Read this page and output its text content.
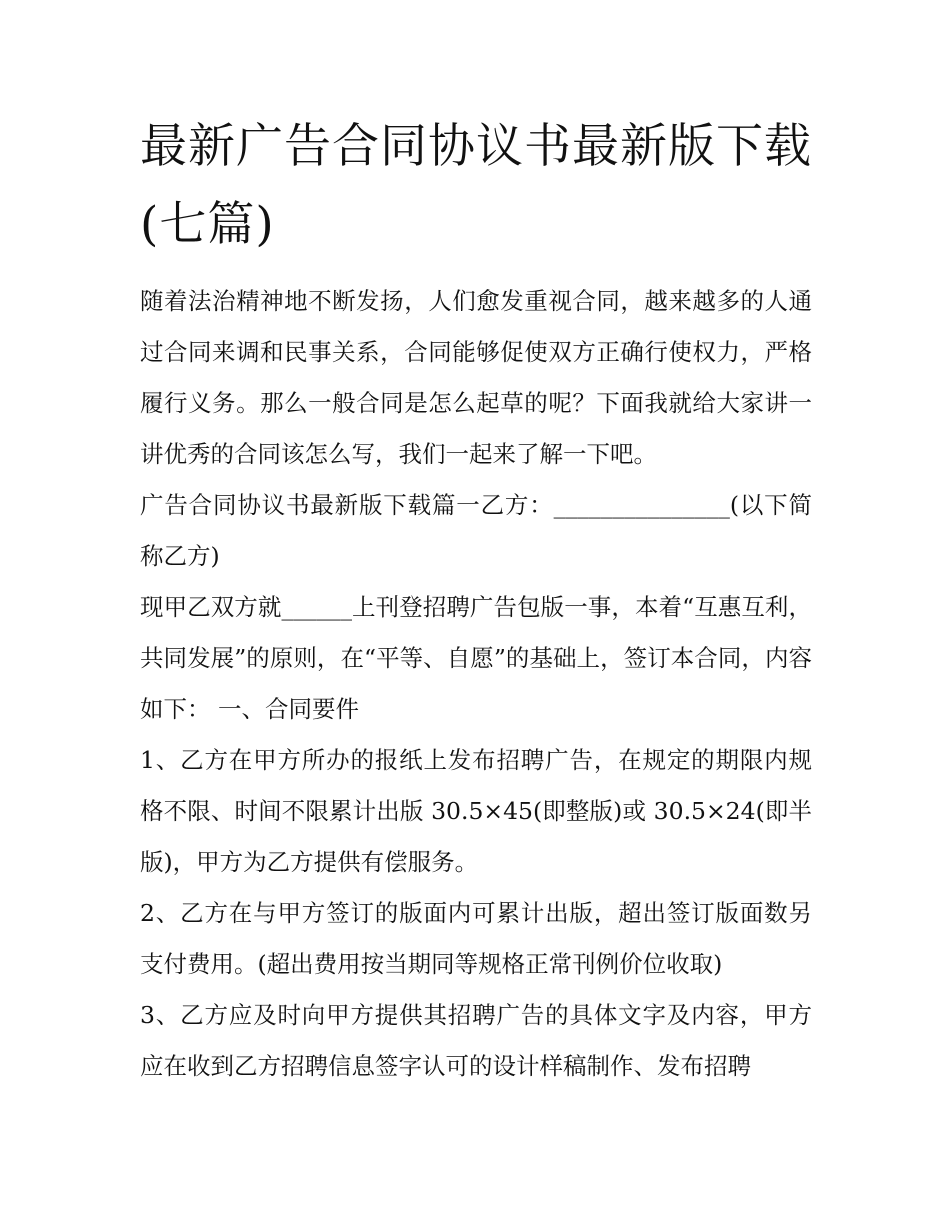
最新广告合同协议书最新版下载(七篇)

随着法治精神地不断发扬，人们愈发重视合同，越来越多的人通过合同来调和民事关系，合同能够促使双方正确行使权力，严格履行义务。那么一般合同是怎么起草的呢？下面我就给大家讲一讲优秀的合同该怎么写，我们一起来了解一下吧。

广告合同协议书最新版下载篇一乙方：_______________(以下简称乙方)

现甲乙双方就______上刊登招聘广告包版一事，本着“互惠互利，共同发展”的原则，在“平等、自愿”的基础上，签订本合同，内容如下： 一、合同要件

1、乙方在甲方所办的报纸上发布招聘广告，在规定的期限内规格不限、时间不限累计出版 30.5×45(即整版)或 30.5×24(即半版)，甲方为乙方提供有偿服务。

2、乙方在与甲方签订的版面内可累计出版，超出签订版面数另支付费用。(超出费用按当期同等规格正常刊例价位收取)

3、乙方应及时向甲方提供其招聘广告的具体文字及内容，甲方应在收到乙方招聘信息签字认可的设计样稿制作、发布招聘
